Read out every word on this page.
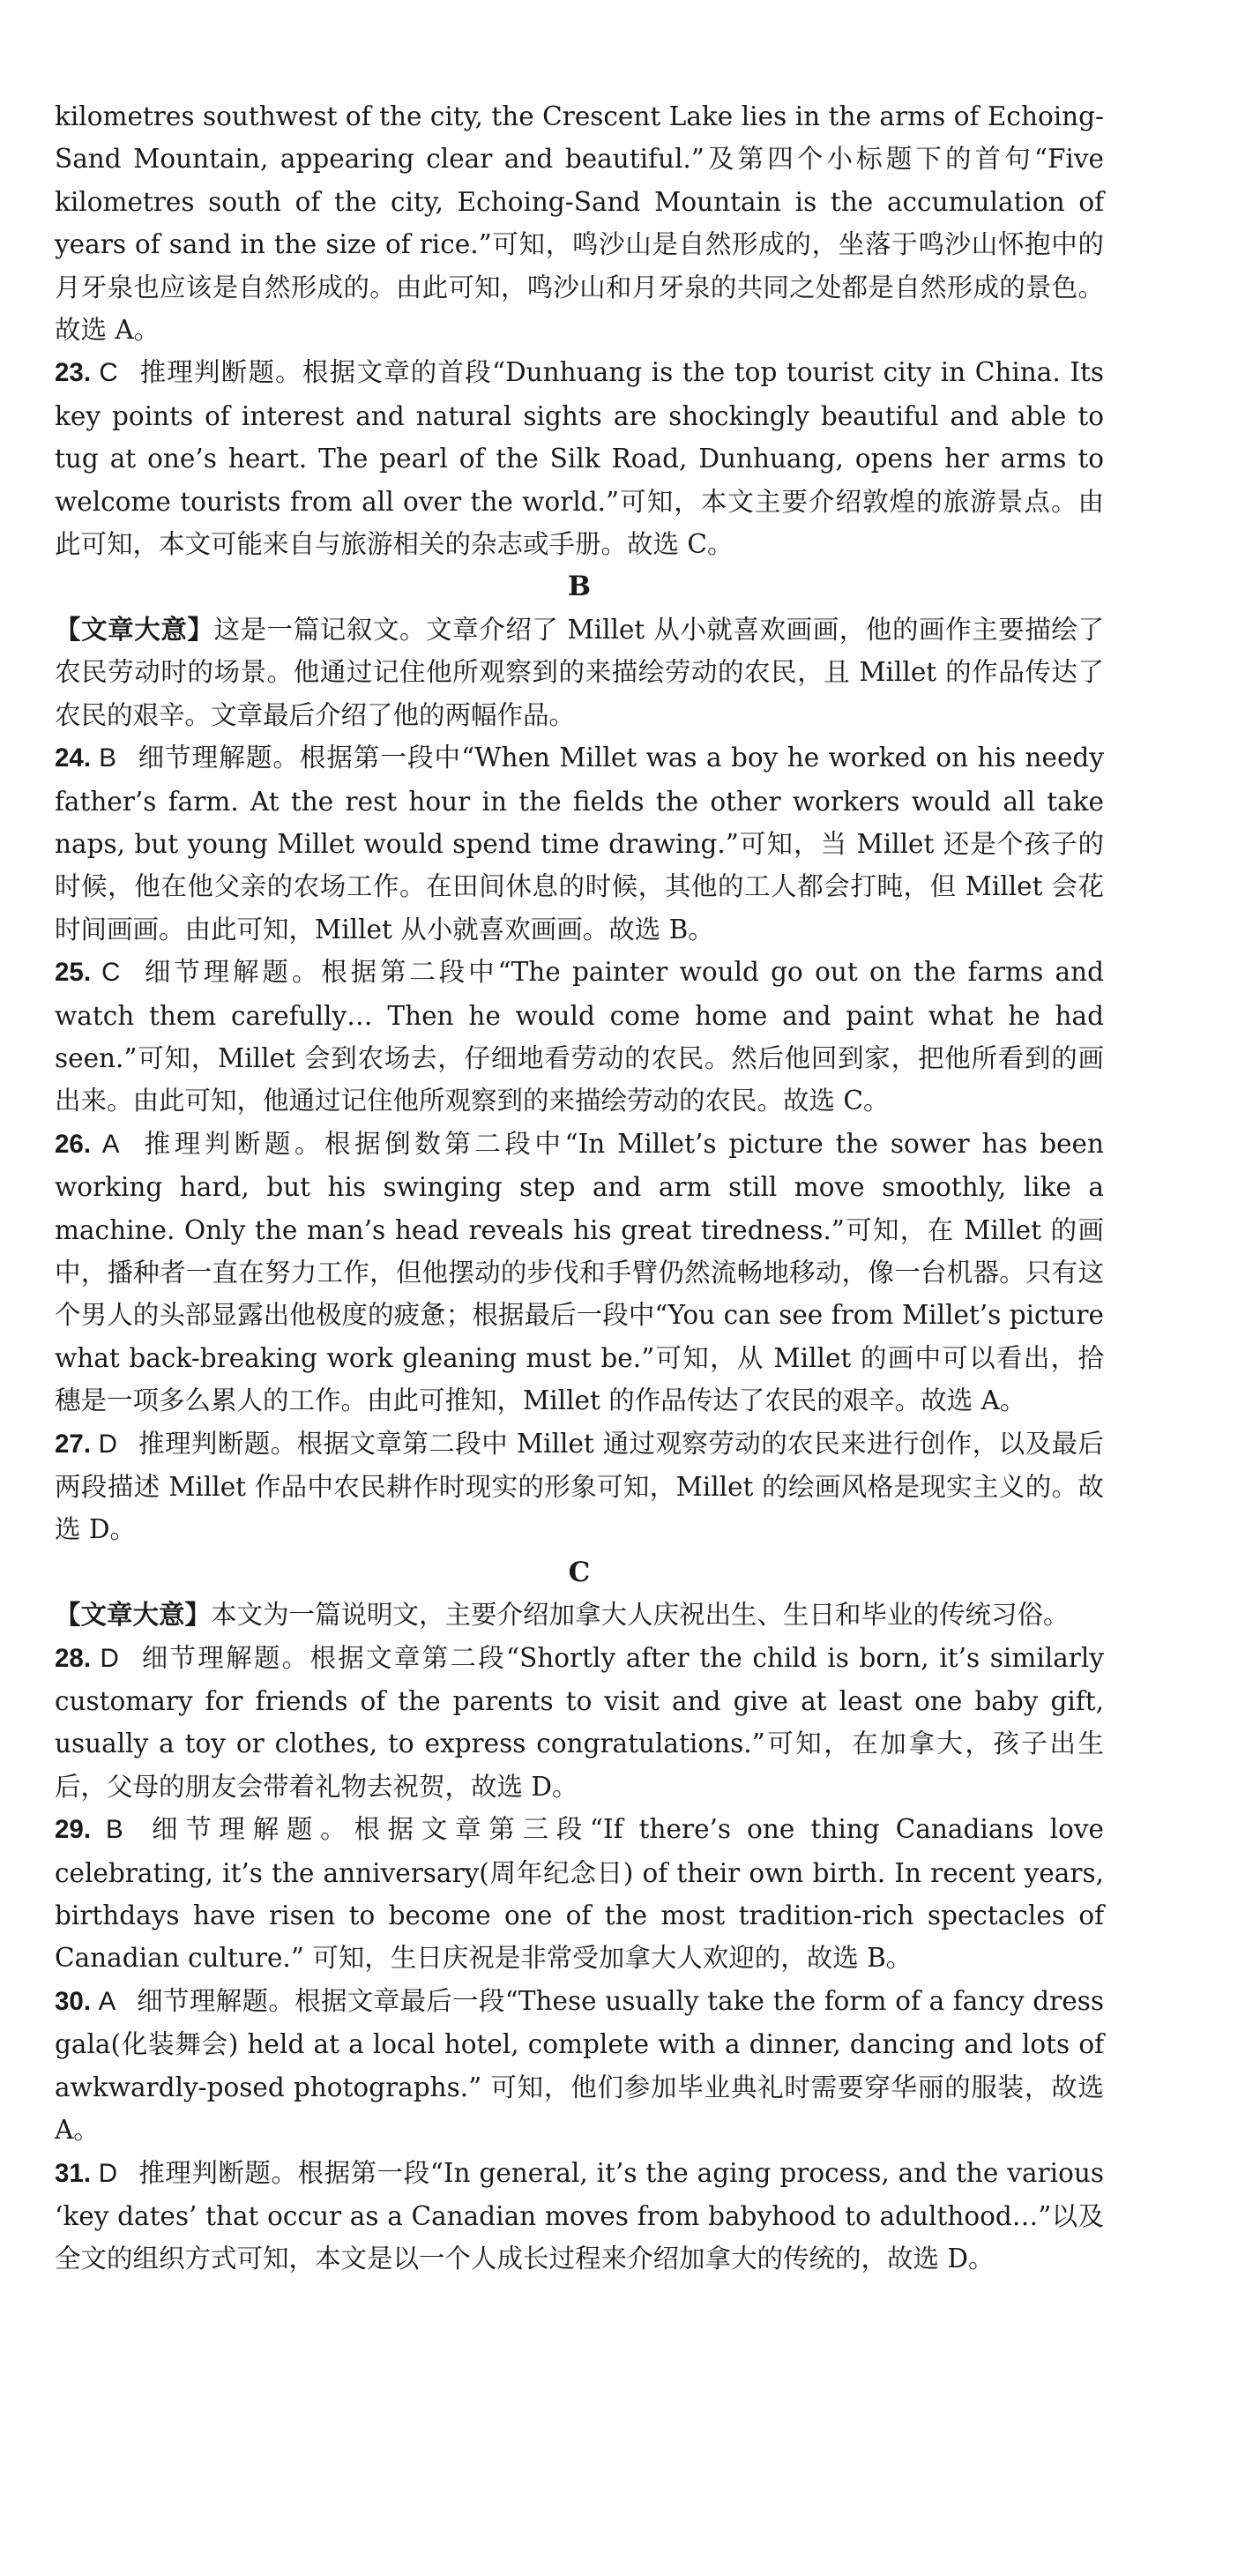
kilometres southwest of the city, the Crescent Lake lies in the arms of Echoing-Sand Mountain, appearing clear and beautiful.”及第四个小标题下的首句“Five kilometres south of the city, Echoing-Sand Mountain is the accumulation of years of sand in the size of rice.”可知，鸣沙山是自然形成的，坐落于鸣沙山怀抱中的月牙泉也应该是自然形成的。由此可知，鸣沙山和月牙泉的共同之处都是自然形成的景色。故选 A。

23. C 推理判断题。根据文章的首段“Dunhuang is the top tourist city in China. Its key points of interest and natural sights are shockingly beautiful and able to tug at one’s heart. The pearl of the Silk Road, Dunhuang, opens her arms to welcome tourists from all over the world.”可知，本文主要介绍敦煌的旅游景点。由此可知，本文可能来自与旅游相关的杂志或手册。故选 C。

B

【文章大意】这是一篇记叙文。文章介绍了 Millet 从小就喜欢画画，他的画作主要描绘了农民劳动时的场景。他通过记住他所观察到的来描绘劳动的农民，且 Millet 的作品传达了农民的艰辛。文章最后介绍了他的两幅作品。

24. B 细节理解题。根据第一段中“When Millet was a boy he worked on his needy father’s farm. At the rest hour in the fields the other workers would all take naps, but young Millet would spend time drawing.”可知，当 Millet 还是个孩子的时候，他在他父亲的农场工作。在田间休息的时候，其他的工人都会打盹，但 Millet 会花时间画画。由此可知，Millet 从小就喜欢画画。故选 B。

25. C 细节理解题。根据第二段中“The painter would go out on the farms and watch them carefully… Then he would come home and paint what he had seen.”可知，Millet 会到农场去，仔细地看劳动的农民。然后他回到家，把他所看到的画出来。由此可知，他通过记住他所观察到的来描绘劳动的农民。故选 C。

26. A 推理判断题。根据倒数第二段中“In Millet’s picture the sower has been working hard, but his swinging step and arm still move smoothly, like a machine. Only the man’s head reveals his great tiredness.”可知，在 Millet 的画中，播种者一直在努力工作，但他摆动的步伐和手臂仍然流畅地移动，像一台机器。只有这个男人的头部显露出他极度的疲惫；根据最后一段中“You can see from Millet’s picture what back-breaking work gleaning must be.”可知，从 Millet 的画中可以看出，拾穗是一项多么累人的工作。由此可推知，Millet 的作品传达了农民的艰辛。故选 A。

27. D 推理判断题。根据文章第二段中 Millet 通过观察劳动的农民来进行创作，以及最后两段描述 Millet 作品中农民耕作时现实的形象可知，Millet 的绘画风格是现实主义的。故选 D。

C

【文章大意】本文为一篇说明文，主要介绍加拿大人庆祝出生、生日和毕业的传统习俗。

28. D 细节理解题。根据文章第二段“Shortly after the child is born, it’s similarly customary for friends of the parents to visit and give at least one baby gift, usually a toy or clothes, to express congratulations.”可知，在加拿大，孩子出生后，父母的朋友会带着礼物去祝贺，故选 D。

29. B 细节理解题。根据文章第三段“If there’s one thing Canadians love celebrating, it’s the anniversary(周年纪念日) of their own birth. In recent years, birthdays have risen to become one of the most tradition-rich spectacles of Canadian culture.” 可知，生日庆祝是非常受加拿大人欢迎的，故选 B。

30. A 细节理解题。根据文章最后一段“These usually take the form of a fancy dress gala(化装舞会) held at a local hotel, complete with a dinner, dancing and lots of awkwardly-posed photographs.” 可知，他们参加毕业典礼时需要穿华丽的服装，故选 A。

31. D 推理判断题。根据第一段“In general, it’s the aging process, and the various ‘key dates’ that occur as a Canadian moves from babyhood to adulthood…”以及全文的组织方式可知，本文是以一个人成长过程来介绍加拿大的传统的，故选 D。
